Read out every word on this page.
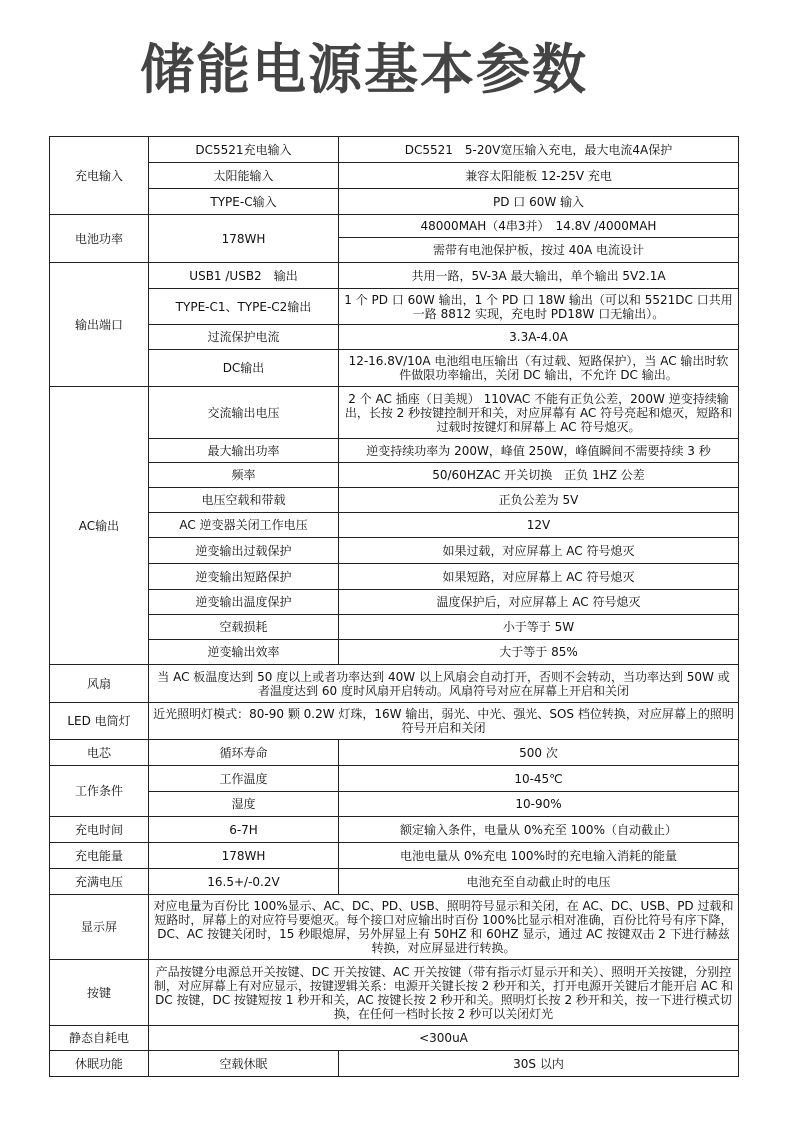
储能电源基本参数
充电输入	DC5521充电输入	DC5521　5-20V宽压输入充电，最大电流4A保护
	太阳能输入	兼容太阳能板 12-25V 充电
	TYPE-C输入	PD 口 60W 输入
电池功率	178WH	48000MAH（4串3并）　14.8V /4000MAH
		需带有电池保护板，按过 40A 电流设计
输出端口	USB1 /USB2　输出	共用一路，5V-3A 最大输出，单个输出 5V2.1A
	TYPE-C1、TYPE-C2输出	1 个 PD 口 60W 输出，1 个 PD 口 18W 输出（可以和 5521DC 口共用一路 8812 实现，充电时 PD18W 口无输出）。
	过流保护电流	3.3A-4.0A
	DC输出	12-16.8V/10A 电池组电压输出（有过载、短路保护），当 AC 输出时软件做限功率输出，关闭 DC 输出，不允许 DC 输出。
AC输出	交流输出电压	2 个 AC 插座（日美规） 110VAC 不能有正负公差，200W 逆变持续输出，长按 2 秒按键控制开和关，对应屏幕有 AC 符号亮起和熄灭，短路和过载时按键灯和屏幕上 AC 符号熄灭。
	最大输出功率	逆变持续功率为 200W，峰值 250W，峰值瞬间不需要持续 3 秒
	频率	50/60HZAC 开关切换　正负 1HZ 公差
	电压空载和带载	正负公差为 5V
	AC 逆变器关闭工作电压	12V
	逆变输出过载保护	如果过载，对应屏幕上 AC 符号熄灭
	逆变输出短路保护	如果短路，对应屏幕上 AC 符号熄灭
	逆变输出温度保护	温度保护后，对应屏幕上 AC 符号熄灭
	空载损耗	小于等于 5W
	逆变输出效率	大于等于 85%
风扇	当 AC 板温度达到 50 度以上或者功率达到 40W 以上风扇会自动打开，否则不会转动，当功率达到 50W 或者温度达到 60 度时风扇开启转动。风扇符号对应在屏幕上开启和关闭	
LED 电筒灯	近光照明灯模式：80-90 颗 0.2W 灯珠，16W 输出，弱光、中光、强光、SOS 档位转换，对应屏幕上的照明符号开启和关闭	
电芯	循环寿命	500 次
工作条件	工作温度	10-45℃
	湿度	10-90%
充电时间	6-7H	额定输入条件，电量从 0%充至 100%（自动截止）
充电能量	178WH	电池电量从 0%充电 100%时的充电输入消耗的能量
充满电压	16.5+/-0.2V	电池充至自动截止时的电压
显示屏	对应电量为百份比 100%显示、AC、DC、PD、USB、照明符号显示和关闭，在 AC、DC、USB、PD 过载和短路时，屏幕上的对应符号要熄灭。每个接口对应输出时百份 100%比显示相对准确，百份比符号有序下降，DC、AC 按键关闭时，15 秒眼熄屏，另外屏显上有 50HZ 和 60HZ 显示，通过 AC 按键双击 2 下进行赫兹转换，对应屏显进行转换。	
按键	产品按键分电源总开关按键、DC 开关按键、AC 开关按键（带有指示灯显示开和关）、照明开关按键，分别控制，对应屏幕上有对应显示，按键逻辑关系：电源开关键长按 2 秒开和关，打开电源开关键后才能开启 AC 和 DC 按键，DC 按键短按 1 秒开和关，AC 按键长按 2 秒开和关。照明灯长按 2 秒开和关，按一下进行模式切换，在任何一档时长按 2 秒可以关闭灯光	
静态自耗电	<300uA	
休眠功能	空载休眠	30S 以内
